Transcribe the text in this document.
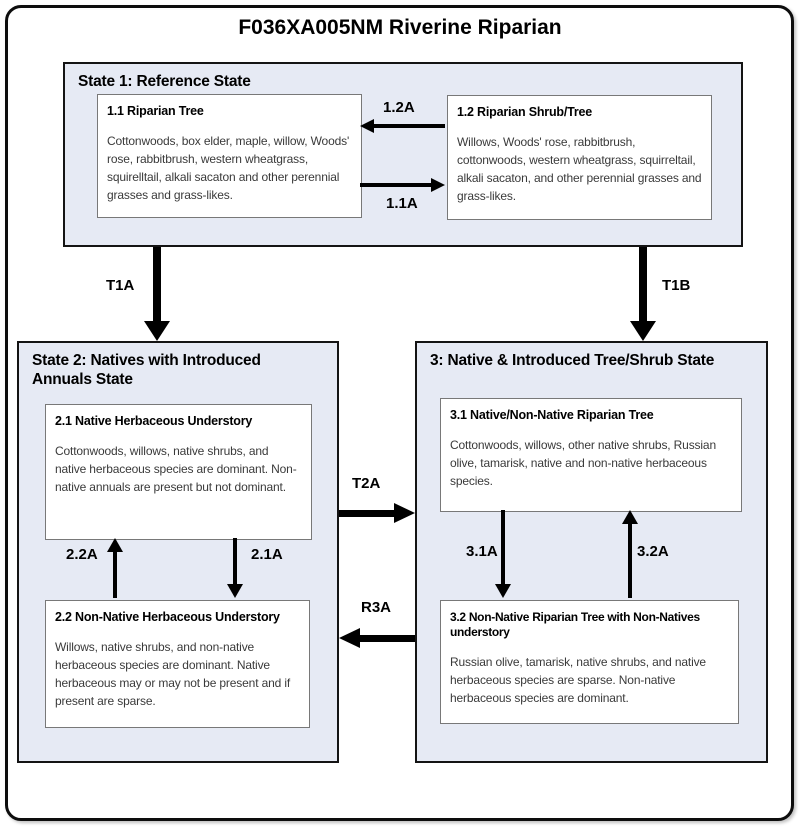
F036XA005NM Riverine Riparian
State 1: Reference State
1.1 Riparian Tree
Cottonwoods, box elder, maple, willow, Woods' rose, rabbitbrush, western wheatgrass, squirelltail, alkali sacaton and other perennial grasses and grass-likes.
1.2 Riparian Shrub/Tree
Willows, Woods' rose, rabbitbrush, cottonwoods, western wheatgrass, squirreltail, alkali sacaton, and other perennial grasses and grass-likes.
State 2: Natives with Introduced Annuals State
2.1 Native Herbaceous Understory
Cottonwoods, willows, native shrubs, and native herbaceous species are dominant. Non-native annuals are present but not dominant.
2.2 Non-Native Herbaceous Understory
Willows, native shrubs, and non-native herbaceous species are dominant. Native herbaceous may or may not be present and if present are sparse.
3: Native & Introduced Tree/Shrub State
3.1 Native/Non-Native Riparian Tree
Cottonwoods, willows, other native shrubs, Russian olive, tamarisk, native and non-native herbaceous species.
3.2 Non-Native Riparian Tree with Non-Natives understory
Russian olive, tamarisk, native shrubs, and native herbaceous species are sparse. Non-native herbaceous species are dominant.
1.2A
1.1A
T1A	T1B
T2A
R3A
2.2A	2.1A	3.1A	3.2A
